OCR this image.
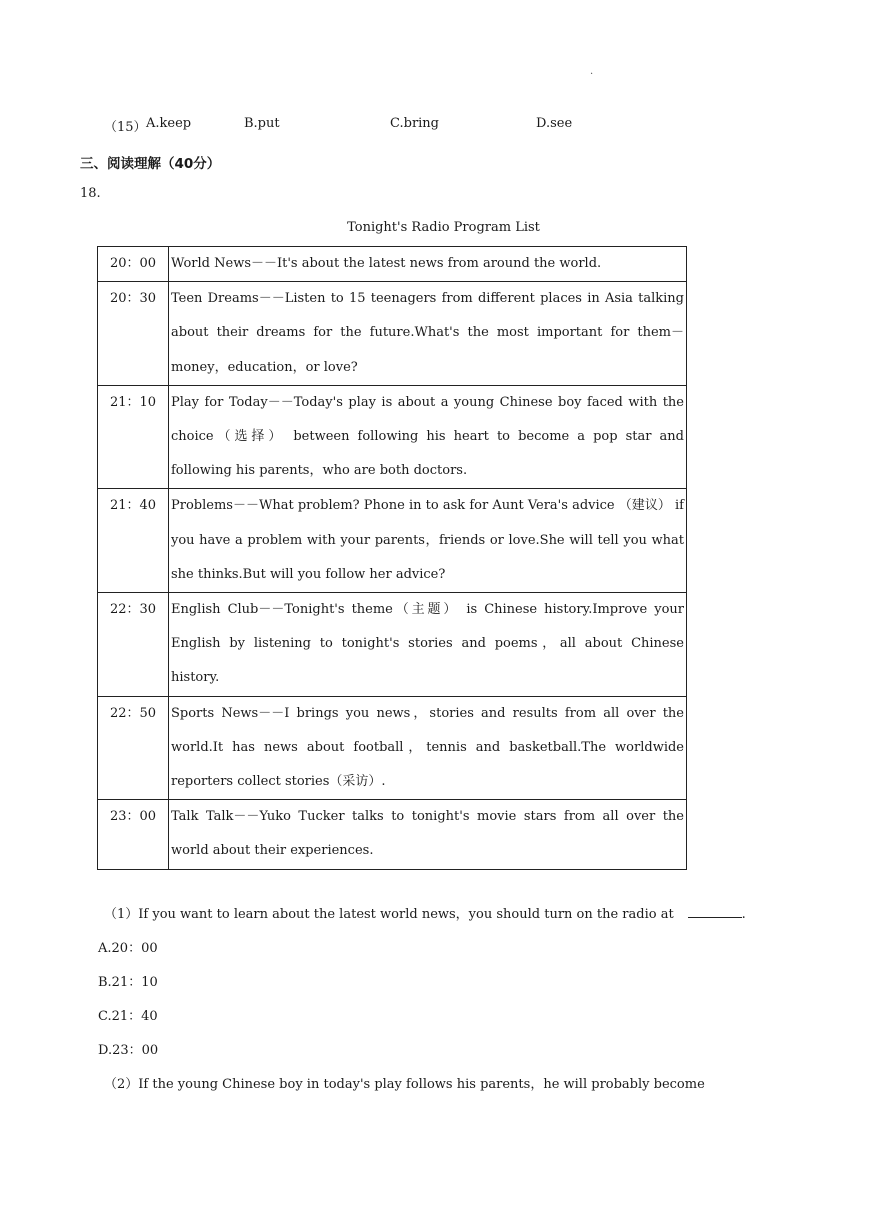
.
（15） A.keep	B.put	C.bring	D.see
三、阅读理解（40分）
18.
Tonight's Radio Program List
20：00	World News－－It's about the latest news from around the world.
20：30	Teen Dreams－－Listen to 15 teenagers from different places in Asia talking about their dreams for the future.What's the most important for them－ money，education，or love?
21：10	Play for Today－－Today's play is about a young Chinese boy faced with the choice（选择） between following his heart to become a pop star and following his parents，who are both doctors.
21：40	Problems－－What problem? Phone in to ask for Aunt Vera's advice （建议） if you have a problem with your parents，friends or love.She will tell you what she thinks.But will you follow her advice?
22：30	English Club－－Tonight's theme（主题） is Chinese history.Improve your English by listening to tonight's stories and poems，all about Chinese history.
22：50	Sports News－－I brings you news，stories and results from all over the world.It has news about football，tennis and basketball.The worldwide reporters collect stories（采访）.
23：00	Talk Talk－－Yuko Tucker talks to tonight's movie stars from all over the world about their experiences.
（1）If you want to learn about the latest world news，you should turn on the radio at	.
A.20：00
B.21：10
C.21：40
D.23：00
（2）If the young Chinese boy in today's play follows his parents，he will probably become
